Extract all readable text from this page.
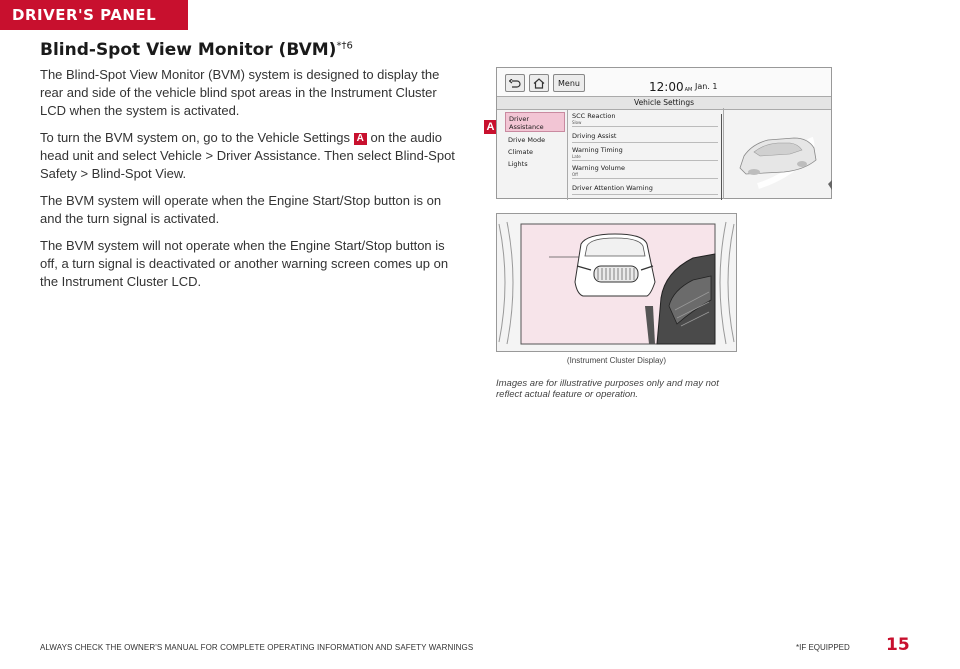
DRIVER'S PANEL
Blind-Spot View Monitor (BVM)$^{*\dagger 6}$

The Blind-Spot View Monitor (BVM) system is designed to display the rear and side of the vehicle blind spot areas in the Instrument Cluster LCD when the system is activated.

To turn the BVM system on, go to the Vehicle Settings A on the audio head unit and select Vehicle > Driver Assistance. Then select Blind-Spot Safety > Blind-Spot View.

The BVM system will operate when the Engine Start/Stop button is on and the turn signal is activated.

The BVM system will not operate when the Engine Start/Stop button is off, a turn signal is deactivated or another warning screen comes up on the Instrument Cluster LCD.

A
Menu	12:00AM Jan. 1
Vehicle Settings
Driver Assistance
Drive Mode
Climate
Lights
SCC Reaction
Slow
Driving Assist
Warning Timing
Late
Warning Volume
Off
Driver Attention Warning
(Instrument Cluster Display)
Images are for illustrative purposes only and may not reflect actual feature or operation.
ALWAYS CHECK THE OWNER'S MANUAL FOR COMPLETE OPERATING INFORMATION AND SAFETY WARNINGS	*IF EQUIPPED 15
